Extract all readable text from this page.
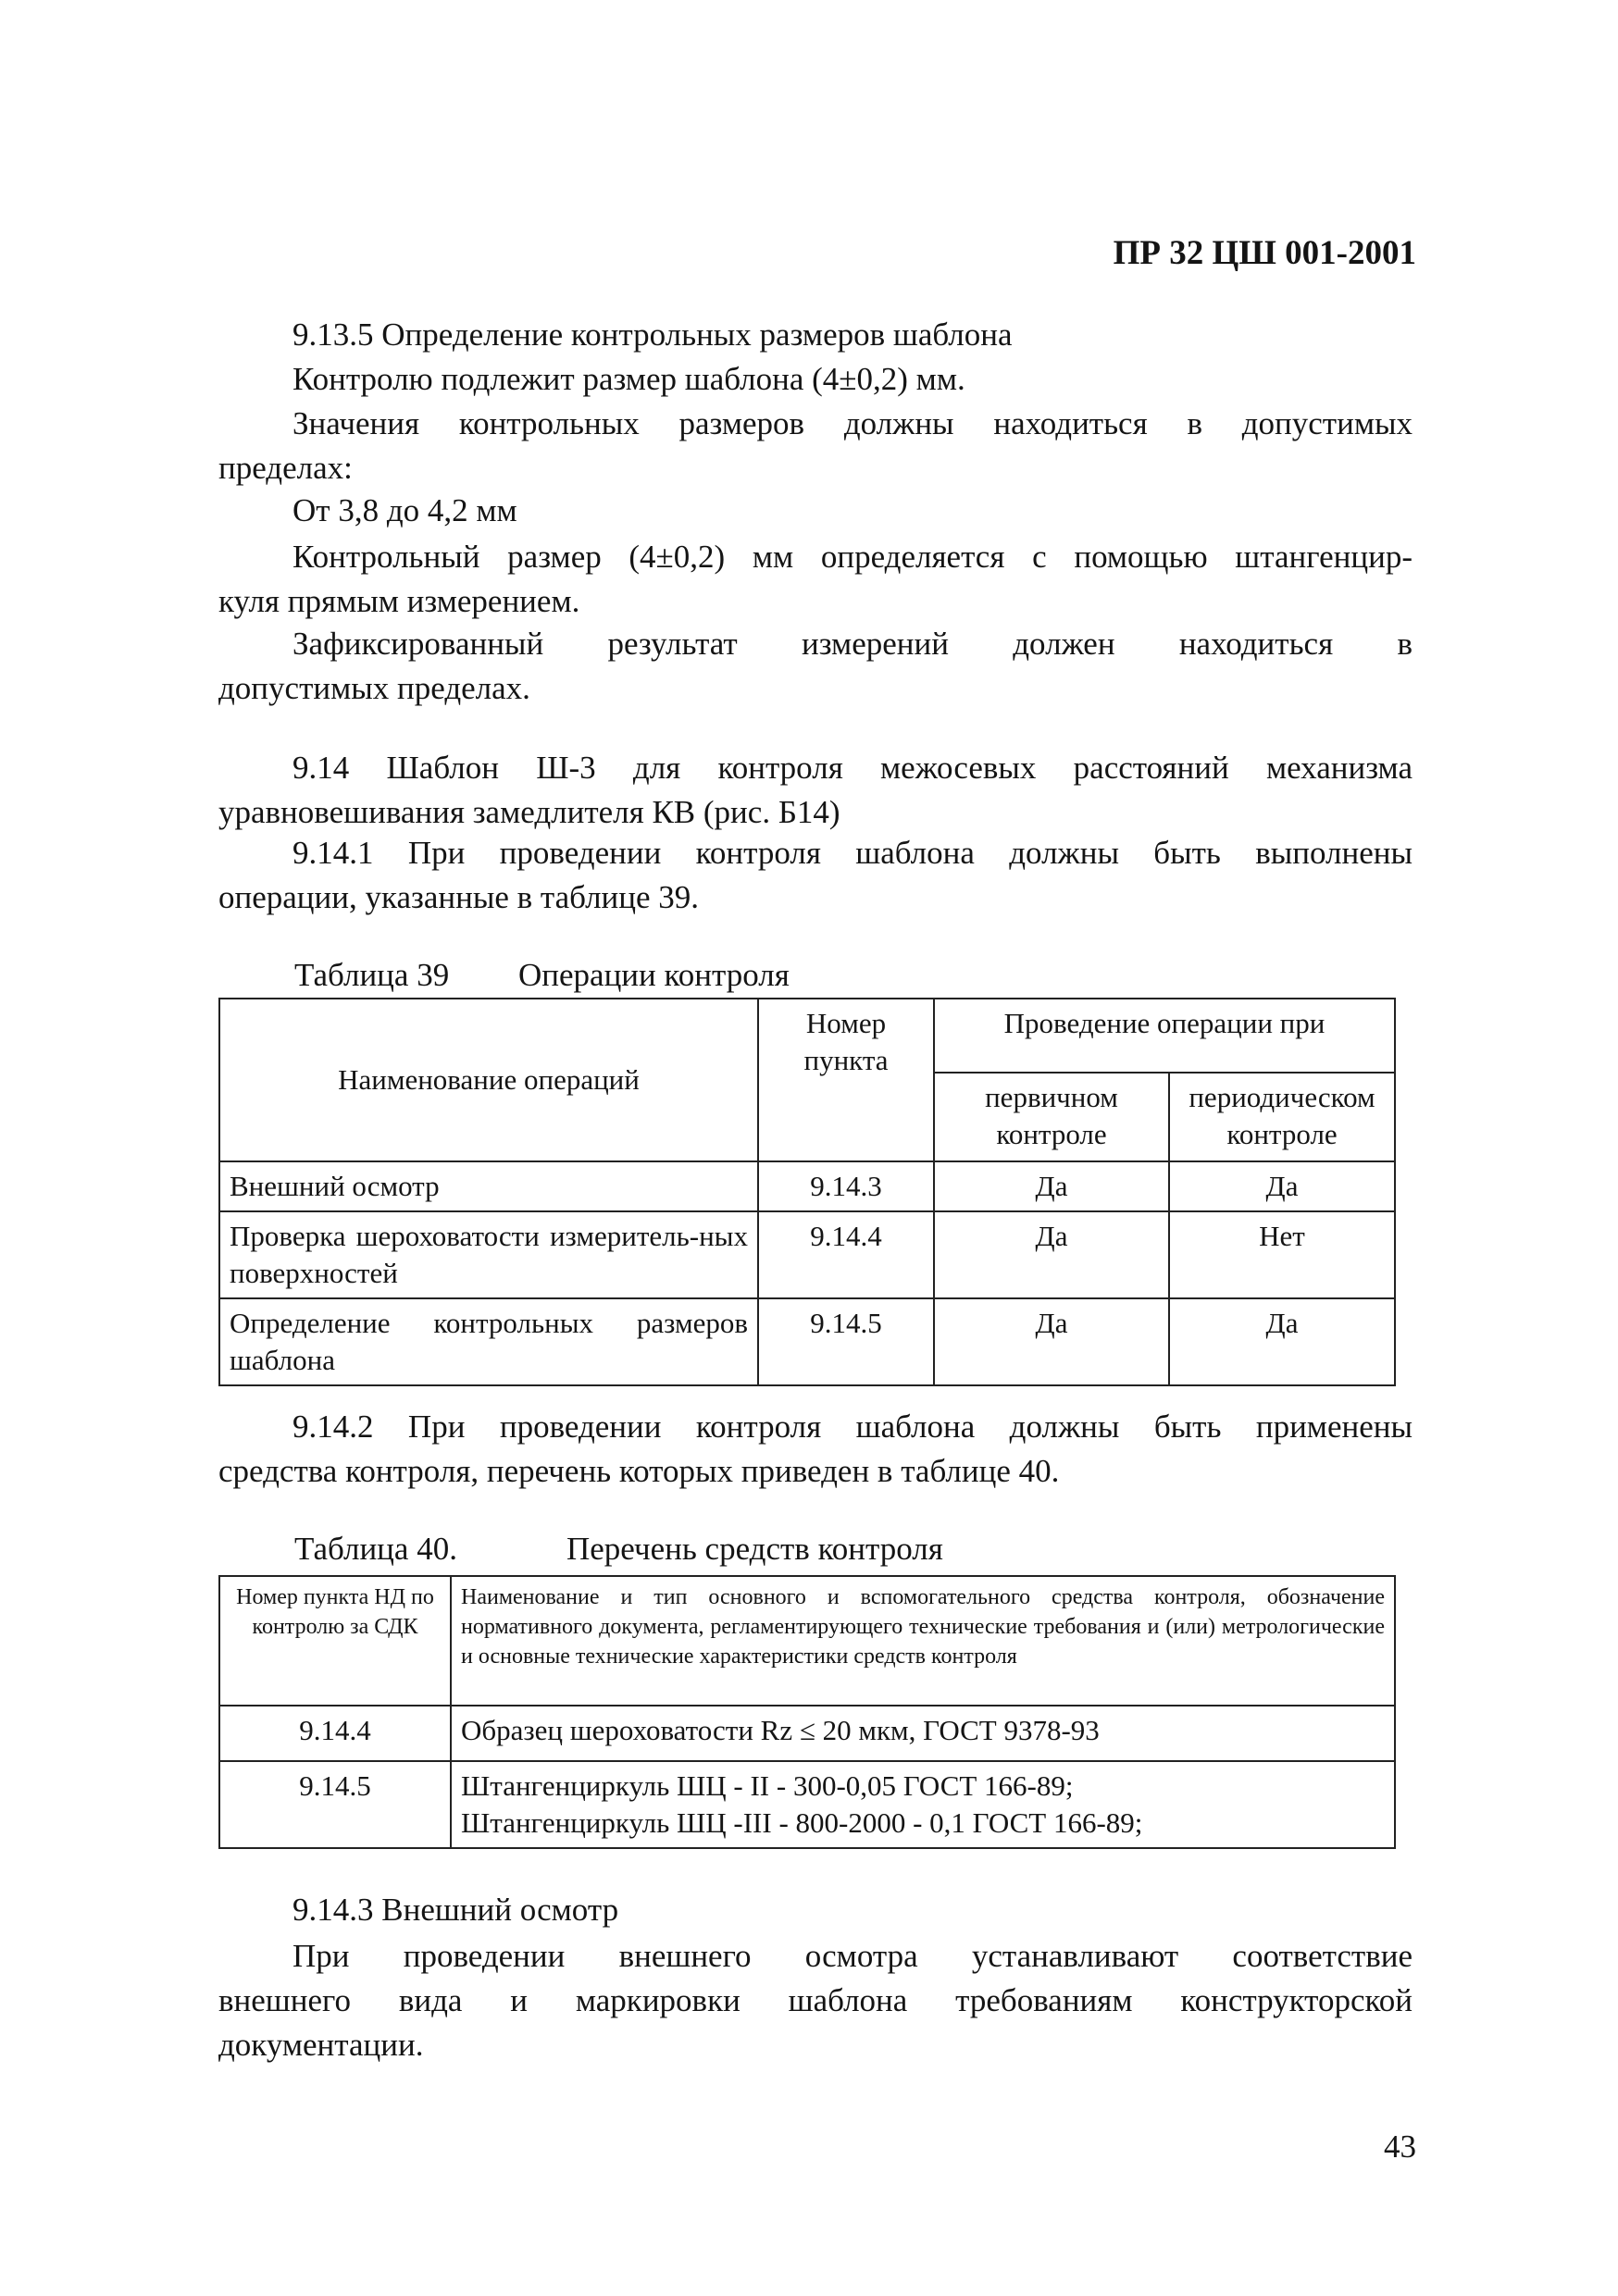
ПР 32 ЦШ 001-2001
9.13.5 Определение контрольных размеров шаблона
Контролю подлежит размер шаблона (4±0,2) мм.
Значения контрольных размеров должны находиться в допустимых
пределах:
От 3,8 до 4,2 мм
Контрольный размер (4±0,2) мм определяется с помощью штангенцир-
куля прямым измерением.
Зафиксированный результат измерений должен находиться в
допустимых пределах.
9.14 Шаблон Ш-3 для контроля межосевых расстояний механизма
уравновешивания замедлителя КВ (рис. Б14)
9.14.1 При проведении контроля шаблона должны быть выполнены
операции, указанные в таблице 39.
Таблица 39 Операции контроля
Наименование операций	Номер пункта	Проведение операции при	
		первичном контроле	периодическом контроле
Внешний осмотр	9.14.3	Да	Да
Проверка шероховатости измеритель-ных поверхностей	9.14.4	Да	Нет
Определение контрольных размеров шаблона	9.14.5	Да	Да
9.14.2 При проведении контроля шаблона должны быть применены
средства контроля, перечень которых приведен в таблице 40.
Таблица 40.	Перечень средств контроля
Номер пункта НД по контролю за СДК	Наименование и тип основного и вспомогательного средства контроля, обозначение нормативного документа, регламентирующего технические требования и (или) метрологические и основные технические характеристики средств контроля
9.14.4	Образец шероховатости Rz ≤ 20 мкм, ГОСТ 9378-93

9.14.5	Штангенциркуль ШЦ - II - 300-0,05 ГОСТ 166-89;
Штангенциркуль ШЦ -III - 800-2000 - 0,1 ГОСТ 166-89;
9.14.3 Внешний осмотр
При проведении внешнего осмотра устанавливают соответствие
внешнего вида и маркировки шаблона требованиям конструкторской
документации.
43
